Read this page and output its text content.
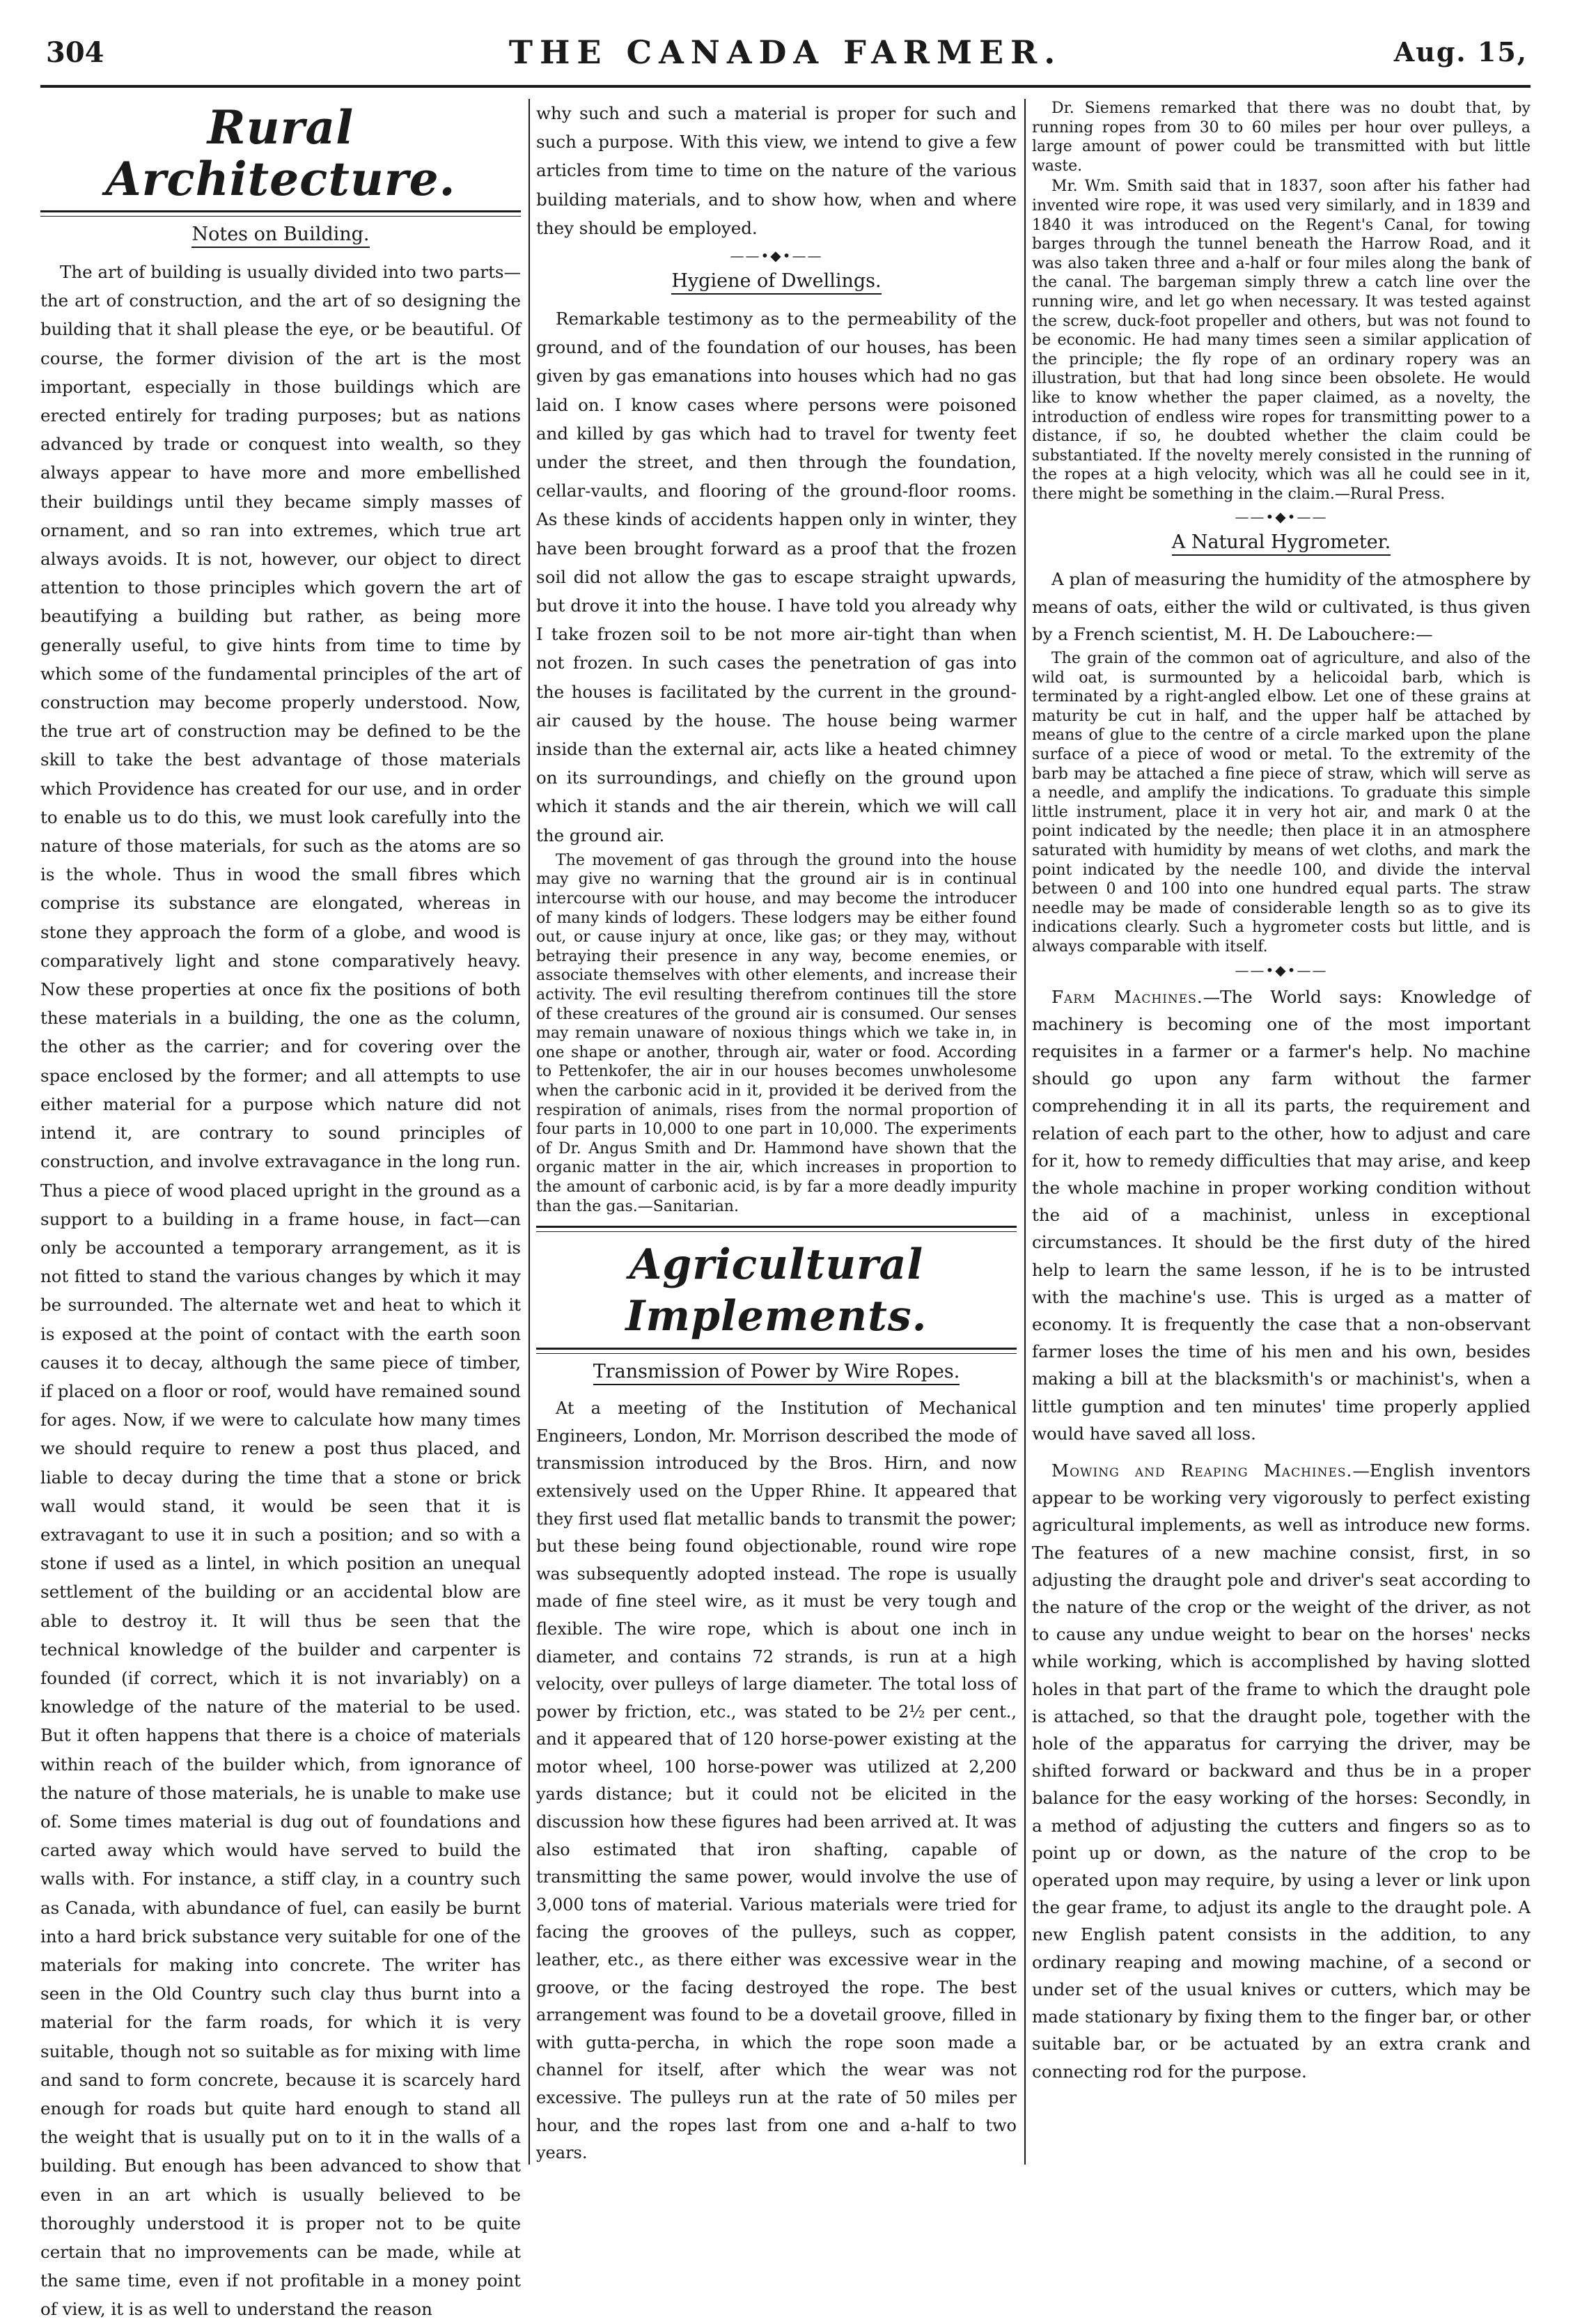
304	THE CANADA FARMER.	Aug. 15,
Rural Architecture.
Notes on Building.

The art of building is usually divided into two parts—the art of construction, and the art of so designing the building that it shall please the eye, or be beautiful. Of course, the former division of the art is the most important, especially in those buildings which are erected entirely for trading purposes; but as nations advanced by trade or conquest into wealth, so they always appear to have more and more embellished their buildings until they became simply masses of ornament, and so ran into extremes, which true art always avoids. It is not, however, our object to direct attention to those principles which govern the art of beautifying a building but rather, as being more generally useful, to give hints from time to time by which some of the fundamental principles of the art of construction may become properly understood. Now, the true art of construction may be defined to be the skill to take the best advantage of those materials which Providence has created for our use, and in order to enable us to do this, we must look carefully into the nature of those materials, for such as the atoms are so is the whole. Thus in wood the small fibres which comprise its substance are elongated, whereas in stone they approach the form of a globe, and wood is comparatively light and stone comparatively heavy. Now these properties at once fix the positions of both these materials in a building, the one as the column, the other as the carrier; and for covering over the space enclosed by the former; and all attempts to use either material for a purpose which nature did not intend it, are contrary to sound principles of construction, and involve extravagance in the long run. Thus a piece of wood placed upright in the ground as a support to a building in a frame house, in fact—can only be accounted a temporary arrangement, as it is not fitted to stand the various changes by which it may be surrounded. The alternate wet and heat to which it is exposed at the point of contact with the earth soon causes it to decay, although the same piece of timber, if placed on a floor or roof, would have remained sound for ages. Now, if we were to calculate how many times we should require to renew a post thus placed, and liable to decay during the time that a stone or brick wall would stand, it would be seen that it is extravagant to use it in such a position; and so with a stone if used as a lintel, in which position an unequal settlement of the building or an accidental blow are able to destroy it. It will thus be seen that the technical knowledge of the builder and carpenter is founded (if correct, which it is not invariably) on a knowledge of the nature of the material to be used. But it often happens that there is a choice of materials within reach of the builder which, from ignorance of the nature of those materials, he is unable to make use of. Some times material is dug out of foundations and carted away which would have served to build the walls with. For instance, a stiff clay, in a country such as Canada, with abundance of fuel, can easily be burnt into a hard brick substance very suitable for one of the materials for making into concrete. The writer has seen in the Old Country such clay thus burnt into a material for the farm roads, for which it is very suitable, though not so suitable as for mixing with lime and sand to form concrete, because it is scarcely hard enough for roads but quite hard enough to stand all the weight that is usually put on to it in the walls of a building. But enough has been advanced to show that even in an art which is usually believed to be thoroughly understood it is proper not to be quite certain that no improvements can be made, while at the same time, even if not profitable in a money point of view, it is as well to understand the reason

why such and such a material is proper for such and such a purpose. With this view, we intend to give a few articles from time to time on the nature of the various building materials, and to show how, when and where they should be employed.

——•◆•——
Hygiene of Dwellings.

Remarkable testimony as to the permeability of the ground, and of the foundation of our houses, has been given by gas emanations into houses which had no gas laid on. I know cases where persons were poisoned and killed by gas which had to travel for twenty feet under the street, and then through the foundation, cellar-vaults, and flooring of the ground-floor rooms. As these kinds of accidents happen only in winter, they have been brought forward as a proof that the frozen soil did not allow the gas to escape straight upwards, but drove it into the house. I have told you already why I take frozen soil to be not more air-tight than when not frozen. In such cases the penetration of gas into the houses is facilitated by the current in the ground-air caused by the house. The house being warmer inside than the external air, acts like a heated chimney on its surroundings, and chiefly on the ground upon which it stands and the air therein, which we will call the ground air.

The movement of gas through the ground into the house may give no warning that the ground air is in continual intercourse with our house, and may become the introducer of many kinds of lodgers. These lodgers may be either found out, or cause injury at once, like gas; or they may, without betraying their presence in any way, become enemies, or associate themselves with other elements, and increase their activity. The evil resulting therefrom continues till the store of these creatures of the ground air is consumed. Our senses may remain unaware of noxious things which we take in, in one shape or another, through air, water or food. According to Pettenkofer, the air in our houses becomes unwholesome when the carbonic acid in it, provided it be derived from the respiration of animals, rises from the normal proportion of four parts in 10,000 to one part in 10,000. The experiments of Dr. Angus Smith and Dr. Hammond have shown that the organic matter in the air, which increases in proportion to the amount of carbonic acid, is by far a more deadly impurity than the gas.—Sanitarian.

Agricultural Implements.
Transmission of Power by Wire Ropes.

At a meeting of the Institution of Mechanical Engineers, London, Mr. Morrison described the mode of transmission introduced by the Bros. Hirn, and now extensively used on the Upper Rhine. It appeared that they first used flat metallic bands to transmit the power; but these being found objectionable, round wire rope was subsequently adopted instead. The rope is usually made of fine steel wire, as it must be very tough and flexible. The wire rope, which is about one inch in diameter, and contains 72 strands, is run at a high velocity, over pulleys of large diameter. The total loss of power by friction, etc., was stated to be 2½ per cent., and it appeared that of 120 horse-power existing at the motor wheel, 100 horse-power was utilized at 2,200 yards distance; but it could not be elicited in the discussion how these figures had been arrived at. It was also estimated that iron shafting, capable of transmitting the same power, would involve the use of 3,000 tons of material. Various materials were tried for facing the grooves of the pulleys, such as copper, leather, etc., as there either was excessive wear in the groove, or the facing destroyed the rope. The best arrangement was found to be a dovetail groove, filled in with gutta-percha, in which the rope soon made a channel for itself, after which the wear was not excessive. The pulleys run at the rate of 50 miles per hour, and the ropes last from one and a-half to two years.

Dr. Siemens remarked that there was no doubt that, by running ropes from 30 to 60 miles per hour over pulleys, a large amount of power could be transmitted with but little waste.

Mr. Wm. Smith said that in 1837, soon after his father had invented wire rope, it was used very similarly, and in 1839 and 1840 it was introduced on the Regent's Canal, for towing barges through the tunnel beneath the Harrow Road, and it was also taken three and a-half or four miles along the bank of the canal. The bargeman simply threw a catch line over the running wire, and let go when necessary. It was tested against the screw, duck-foot propeller and others, but was not found to be economic. He had many times seen a similar application of the principle; the fly rope of an ordinary ropery was an illustration, but that had long since been obsolete. He would like to know whether the paper claimed, as a novelty, the introduction of endless wire ropes for transmitting power to a distance, if so, he doubted whether the claim could be substantiated. If the novelty merely consisted in the running of the ropes at a high velocity, which was all he could see in it, there might be something in the claim.—Rural Press.

——•◆•——
A Natural Hygrometer.

A plan of measuring the humidity of the atmosphere by means of oats, either the wild or cultivated, is thus given by a French scientist, M. H. De Labouchere:—

The grain of the common oat of agriculture, and also of the wild oat, is surmounted by a helicoidal barb, which is terminated by a right-angled elbow. Let one of these grains at maturity be cut in half, and the upper half be attached by means of glue to the centre of a circle marked upon the plane surface of a piece of wood or metal. To the extremity of the barb may be attached a fine piece of straw, which will serve as a needle, and amplify the indications. To graduate this simple little instrument, place it in very hot air, and mark 0 at the point indicated by the needle; then place it in an atmosphere saturated with humidity by means of wet cloths, and mark the point indicated by the needle 100, and divide the interval between 0 and 100 into one hundred equal parts. The straw needle may be made of considerable length so as to give its indications clearly. Such a hygrometer costs but little, and is always comparable with itself.

——•◆•——

Farm Machines.—The World says: Knowledge of machinery is becoming one of the most important requisites in a farmer or a farmer's help. No machine should go upon any farm without the farmer comprehending it in all its parts, the requirement and relation of each part to the other, how to adjust and care for it, how to remedy difficulties that may arise, and keep the whole machine in proper working condition without the aid of a machinist, unless in exceptional circumstances. It should be the first duty of the hired help to learn the same lesson, if he is to be intrusted with the machine's use. This is urged as a matter of economy. It is frequently the case that a non-observant farmer loses the time of his men and his own, besides making a bill at the blacksmith's or machinist's, when a little gumption and ten minutes' time properly applied would have saved all loss.

Mowing and Reaping Machines.—English inventors appear to be working very vigorously to perfect existing agricultural implements, as well as introduce new forms. The features of a new machine consist, first, in so adjusting the draught pole and driver's seat according to the nature of the crop or the weight of the driver, as not to cause any undue weight to bear on the horses' necks while working, which is accomplished by having slotted holes in that part of the frame to which the draught pole is attached, so that the draught pole, together with the hole of the apparatus for carrying the driver, may be shifted forward or backward and thus be in a proper balance for the easy working of the horses: Secondly, in a method of adjusting the cutters and fingers so as to point up or down, as the nature of the crop to be operated upon may require, by using a lever or link upon the gear frame, to adjust its angle to the draught pole. A new English patent consists in the addition, to any ordinary reaping and mowing machine, of a second or under set of the usual knives or cutters, which may be made stationary by fixing them to the finger bar, or other suitable bar, or be actuated by an extra crank and connecting rod for the purpose.
